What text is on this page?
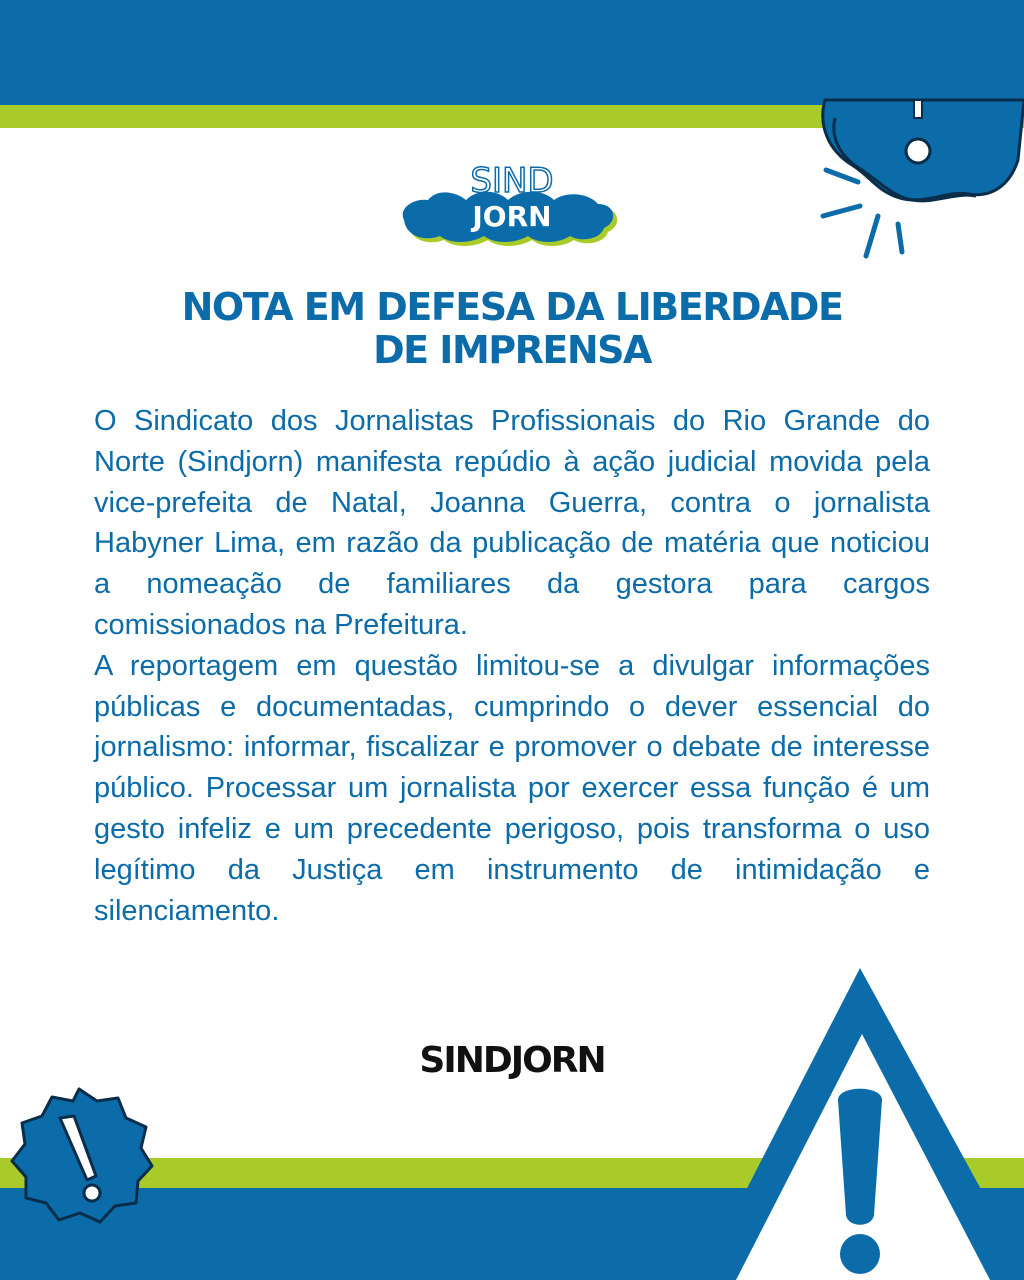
SIND
JORN
NOTA EM DEFESA DA LIBERDADE
DE IMPRENSA

O Sindicato dos Jornalistas Profissionais do Rio Grande do Norte (Sindjorn) manifesta repúdio à ação judicial movida pela vice-prefeita de Natal, Joanna Guerra, contra o jornalista Habyner Lima, em razão da publicação de matéria que noticiou a nomeação de familiares da gestora para cargos comissionados na Prefeitura.

A reportagem em questão limitou-se a divulgar informações públicas e documentadas, cumprindo o dever essencial do jornalismo: informar, fiscalizar e promover o debate de interesse público. Processar um jornalista por exercer essa função é um gesto infeliz e um precedente perigoso, pois transforma o uso legítimo da Justiça em instrumento de intimidação e silenciamento.

SINDJORN
